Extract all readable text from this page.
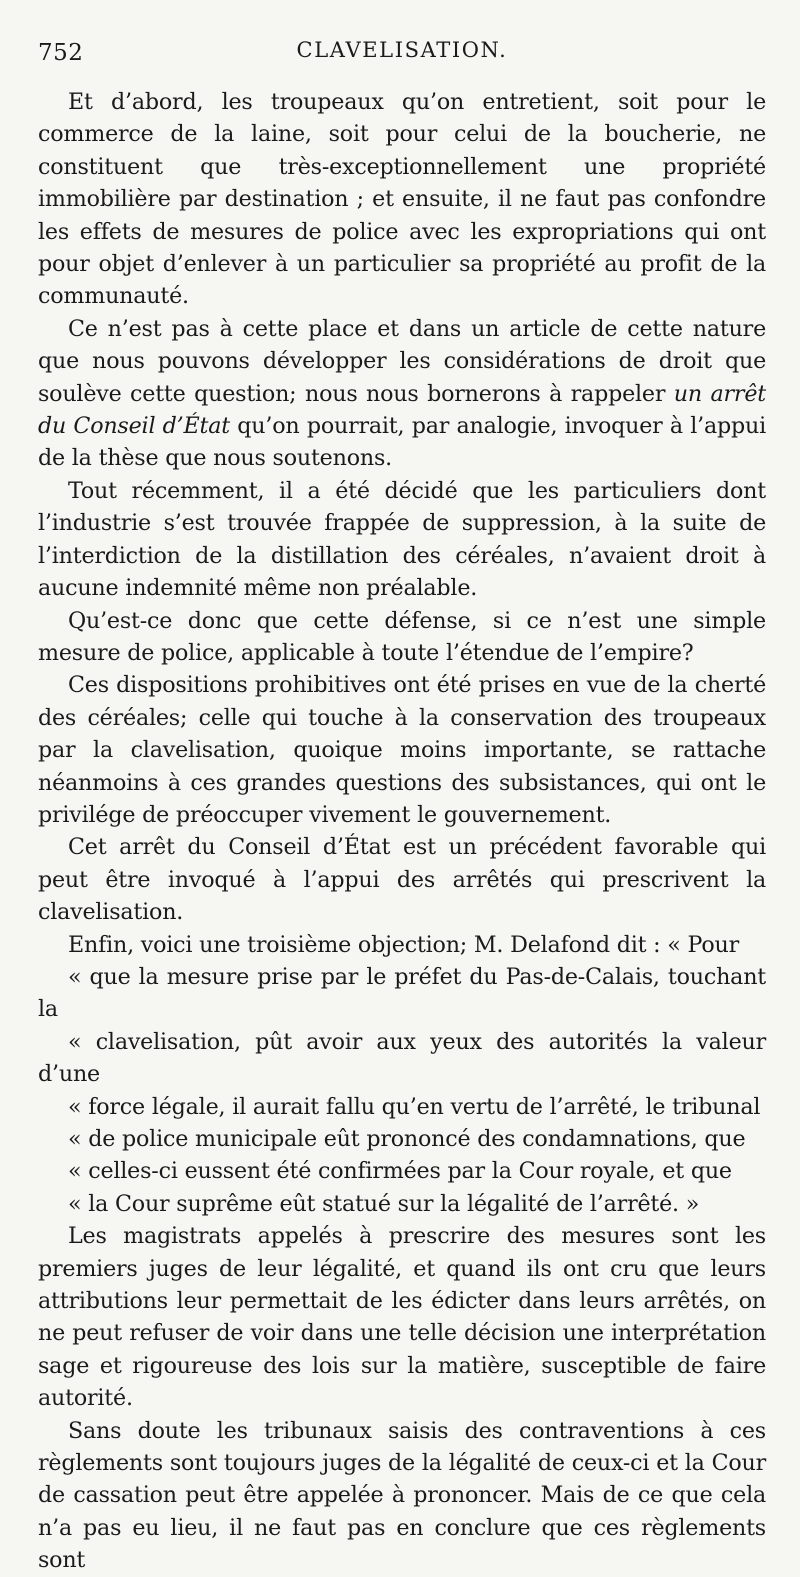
752	CLAVELISATION.

Et d’abord, les troupeaux qu’on entretient, soit pour le commerce de la laine, soit pour celui de la boucherie, ne constituent que très-exceptionnellement une propriété immobilière par destination ; et ensuite, il ne faut pas confondre les effets de mesures de police avec les expropriations qui ont pour objet d’enlever à un particulier sa propriété au profit de la communauté.

Ce n’est pas à cette place et dans un article de cette nature que nous pouvons développer les considérations de droit que soulève cette question; nous nous bornerons à rappeler un arrêt du Conseil d’État qu’on pourrait, par analogie, invoquer à l’appui de la thèse que nous soutenons.

Tout récemment, il a été décidé que les particuliers dont l’industrie s’est trouvée frappée de suppression, à la suite de l’interdiction de la distillation des céréales, n’avaient droit à aucune indemnité même non préalable.

Qu’est-ce donc que cette défense, si ce n’est une simple mesure de police, applicable à toute l’étendue de l’empire?

Ces dispositions prohibitives ont été prises en vue de la cherté des céréales; celle qui touche à la conservation des troupeaux par la clavelisation, quoique moins importante, se rattache néanmoins à ces grandes questions des subsistances, qui ont le privilége de préoccuper vivement le gouvernement.

Cet arrêt du Conseil d’État est un précédent favorable qui peut être invoqué à l’appui des arrêtés qui prescrivent la clavelisation.

Enfin, voici une troisième objection; M. Delafond dit : « Pour
« que la mesure prise par le préfet du Pas-de-Calais, touchant la
« clavelisation, pût avoir aux yeux des autorités la valeur d’une
« force légale, il aurait fallu qu’en vertu de l’arrêté, le tribunal
« de police municipale eût prononcé des condamnations, que
« celles-ci eussent été confirmées par la Cour royale, et que
« la Cour suprême eût statué sur la légalité de l’arrêté. »

Les magistrats appelés à prescrire des mesures sont les premiers juges de leur légalité, et quand ils ont cru que leurs attributions leur permettait de les édicter dans leurs arrêtés, on ne peut refuser de voir dans une telle décision une interprétation sage et rigoureuse des lois sur la matière, susceptible de faire autorité.

Sans doute les tribunaux saisis des contraventions à ces règlements sont toujours juges de la légalité de ceux-ci et la Cour de cassation peut être appelée à prononcer. Mais de ce que cela n’a pas eu lieu, il ne faut pas en conclure que ces règlements sont
